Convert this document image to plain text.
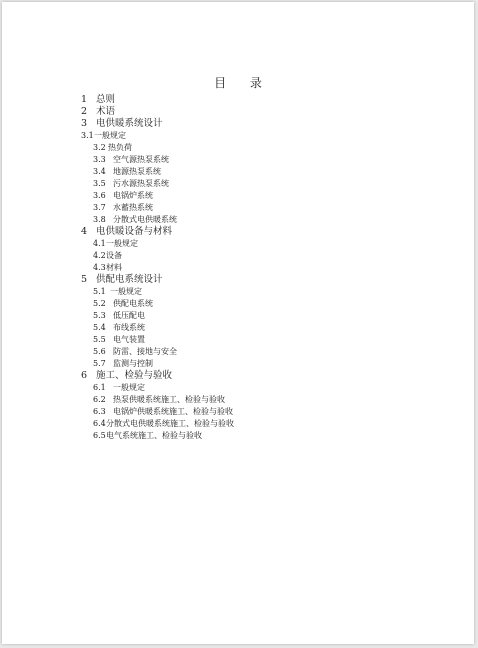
目 录
1 总则
2 术语
3 电供暖系统设计
3.1 一般规定
3.2 热负荷
3.3 空气源热泵系统
3.4 地源热泵系统
3.5 污水源热泵系统
3.6 电锅炉系统
3.7 水蓄热系统
3.8 分散式电供暖系统
4 电供暖设备与材料
4.1 一般规定
4.2 设备
4.3 材料
5 供配电系统设计
5.1 一般规定
5.2 供配电系统
5.3 低压配电
5.4 布线系统
5.5 电气装置
5.6 防雷、接地与安全
5.7 监测与控制
6 施工、检验与验收
6.1 一般规定
6.2 热泵供暖系统施工、检验与验收
6.3 电锅炉供暖系统施工、检验与验收
6.4 分散式电供暖系统施工、检验与验收
6.5 电气系统施工、检验与验收
